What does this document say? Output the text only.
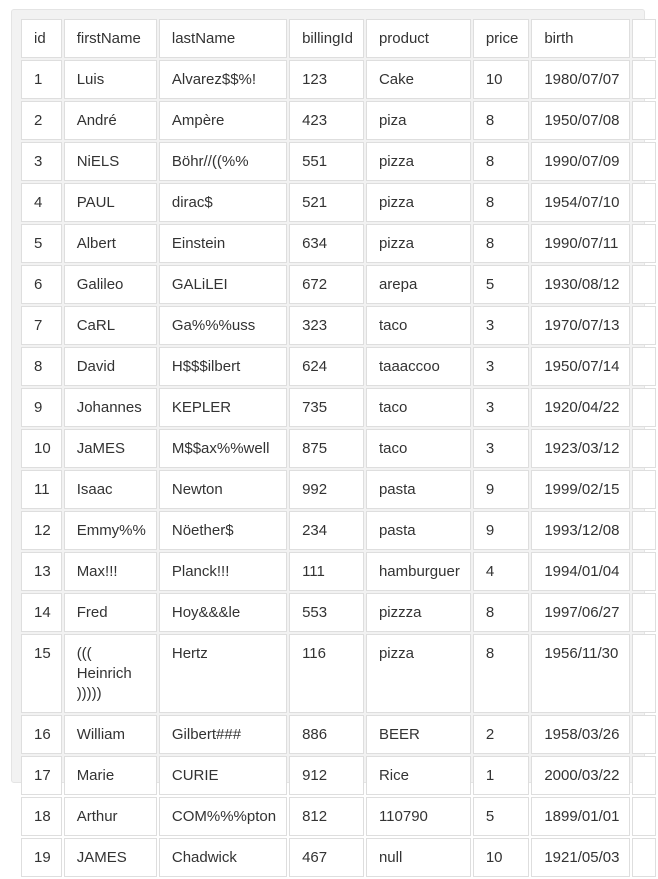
id	firstName	lastName	billingId	product	price	birth	
1	Luis	Alvarez$$%!	123	Cake	10	1980/07/07	
2	André	Ampère	423	piza	8	1950/07/08	
3	NiELS	Böhr//((%%	551	pizza	8	1990/07/09	
4	PAUL	dirac$	521	pizza	8	1954/07/10	
5	Albert	Einstein	634	pizza	8	1990/07/11	
6	Galileo	GALiLEI	672	arepa	5	1930/08/12	
7	CaRL	Ga%%%uss	323	taco	3	1970/07/13	
8	David	H$$$ilbert	624	taaaccoo	3	1950/07/14	
9	Johannes	KEPLER	735	taco	3	1920/04/22	
10	JaMES	M$$ax%%well	875	taco	3	1923/03/12	
11	Isaac	Newton	992	pasta	9	1999/02/15	
12	Emmy%%	Nöether$	234	pasta	9	1993/12/08	
13	Max!!!	Planck!!!	111	hamburguer	4	1994/01/04	
14	Fred	Hoy&&&le	553	pizzza	8	1997/06/27	
15	((( Heinrich )))))	Hertz	116	pizza	8	1956/11/30	
16	William	Gilbert###	886	BEER	2	1958/03/26	
17	Marie	CURIE	912	Rice	1	2000/03/22	
18	Arthur	COM%%%pton	812	110790	5	1899/01/01	
19	JAMES	Chadwick	467	null	10	1921/05/03	
